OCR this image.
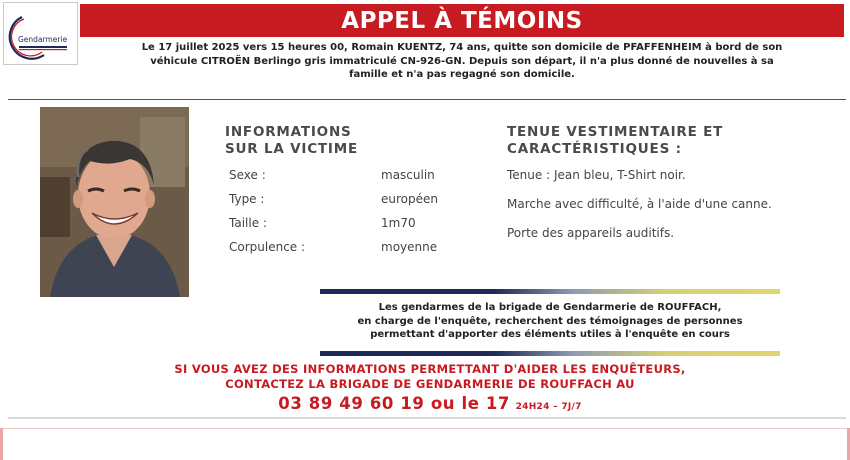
Gendarmerie
APPEL À TÉMOINS
Le 17 juillet 2025 vers 15 heures 00, Romain KUENTZ, 74 ans, quitte son domicile de PFAFFENHEIM à bord de son
véhicule CITROËN Berlingo gris immatriculé CN-926-GN. Depuis son départ, il n'a plus donné de nouvelles à sa
famille et n'a pas regagné son domicile.
INFORMATIONS
SUR LA VICTIME
Sexe :	masculin
Type :	européen
Taille :	1m70
Corpulence :	moyenne
TENUE VESTIMENTAIRE ET
CARACTÉRISTIQUES :
Tenue : Jean bleu, T-Shirt noir.
Marche avec difficulté, à l'aide d'une canne.
Porte des appareils auditifs.
Les gendarmes de la brigade de Gendarmerie de ROUFFACH,
en charge de l'enquête, recherchent des témoignages de personnes
permettant d'apporter des éléments utiles à l'enquête en cours
SI VOUS AVEZ DES INFORMATIONS PERMETTANT D'AIDER LES ENQUÊTEURS,
CONTACTEZ LA BRIGADE DE GENDARMERIE DE ROUFFACH AU
03 89 49 60 19 ou le 17 24H24 – 7J/7
